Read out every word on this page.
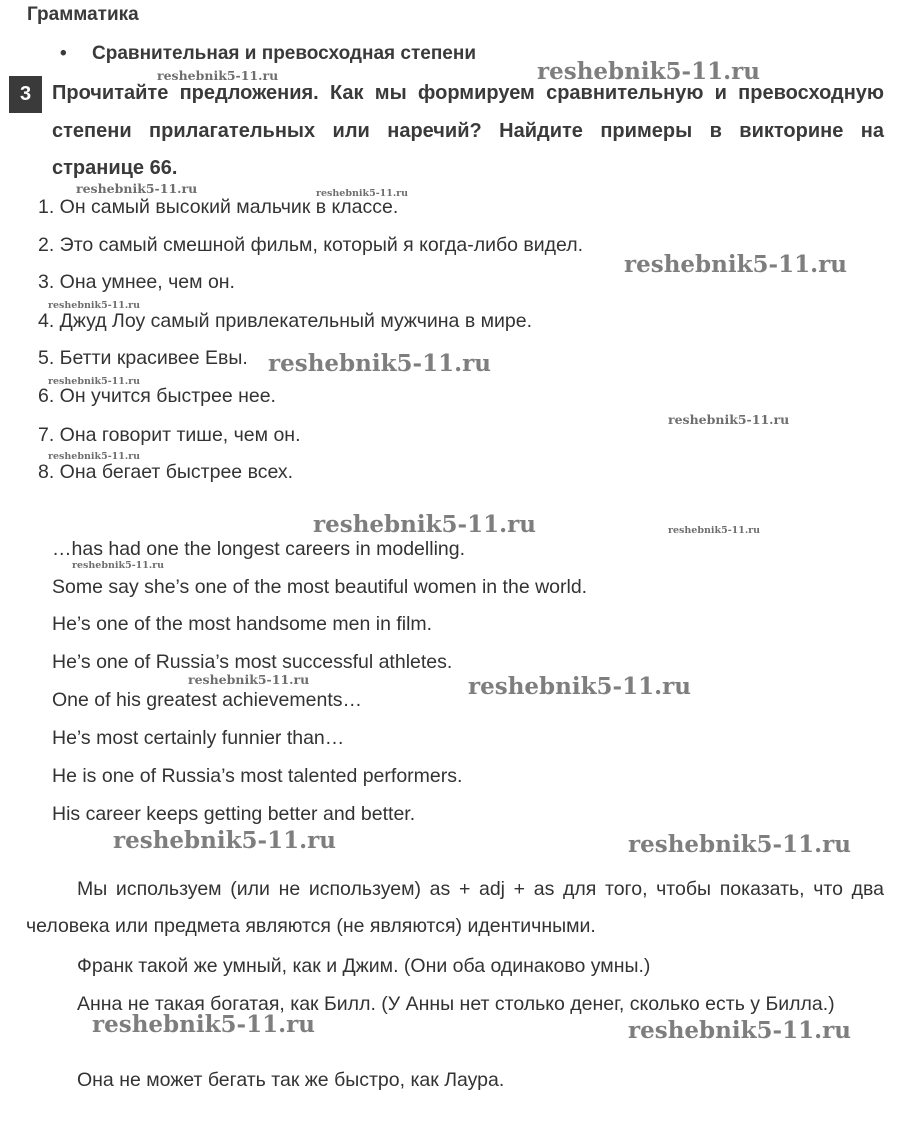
Грамматика
• Сравнительная и превосходная степени
3	Прочитайте предложения. Как мы формируем сравнительную и превосходную степени прилагательных или наречий? Найдите примеры в викторине на странице 66.
1. Он самый высокий мальчик в классе.
2. Это самый смешной фильм, который я когда-либо видел.
3. Она умнее, чем он.
4. Джуд Лоу самый привлекательный мужчина в мире.
5. Бетти красивее Евы.
6. Он учится быстрее нее.
7. Она говорит тише, чем он.
8. Она бегает быстрее всех.
…has had one the longest careers in modelling.
Some say she’s one of the most beautiful women in the world.
He’s one of the most handsome men in film.
He’s one of Russia’s most successful athletes.
One of his greatest achievements…
He’s most certainly funnier than…
He is one of Russia’s most talented performers.
His career keeps getting better and better.
Мы используем (или не используем) as + adj + as для того, чтобы показать, что два человека или предмета являются (не являются) идентичными.
Франк такой же умный, как и Джим. (Они оба одинаково умны.)
Анна не такая богатая, как Билл. (У Анны нет столько денег, сколько есть у Билла.)
Она не может бегать так же быстро, как Лаура.
reshebnik5-11.ru
reshebnik5-11.ru
reshebnik5-11.ru	reshebnik5-11.ru
reshebnik5-11.ru
reshebnik5-11.ru
reshebnik5-11.ru
reshebnik5-11.ru
reshebnik5-11.ru
reshebnik5-11.ru
reshebnik5-11.ru	reshebnik5-11.ru
reshebnik5-11.ru
reshebnik5-11.ru	reshebnik5-11.ru
reshebnik5-11.ru	reshebnik5-11.ru
reshebnik5-11.ru	reshebnik5-11.ru
